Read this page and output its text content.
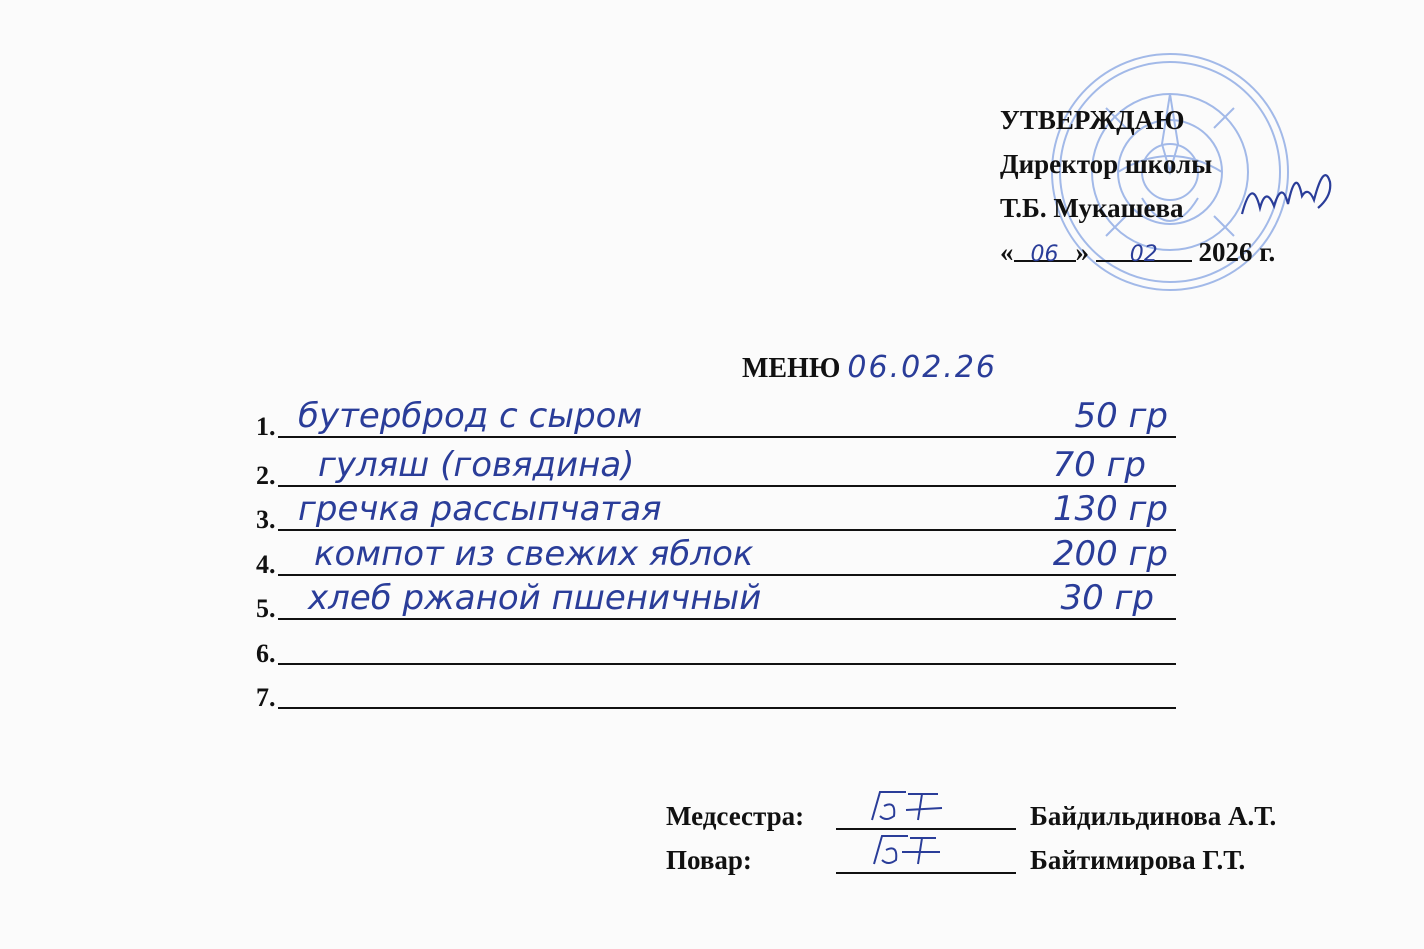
УТВЕРЖДАЮ
Директор школы
Т.Б. Мукашева
« 06 » 02 2026 г.
МЕНЮ 06.02.26
1. бутерброд с сыром	50 гр
2. гуляш (говядина)	70 гр
3. гречка рассыпчатая	130 гр
4. компот из свежих яблок	200 гр
5. хлеб ржаной пшеничный	30 гр
6.
7.
Медсестра:	Байдильдинова А.Т.
Повар:	Байтимирова Г.Т.
